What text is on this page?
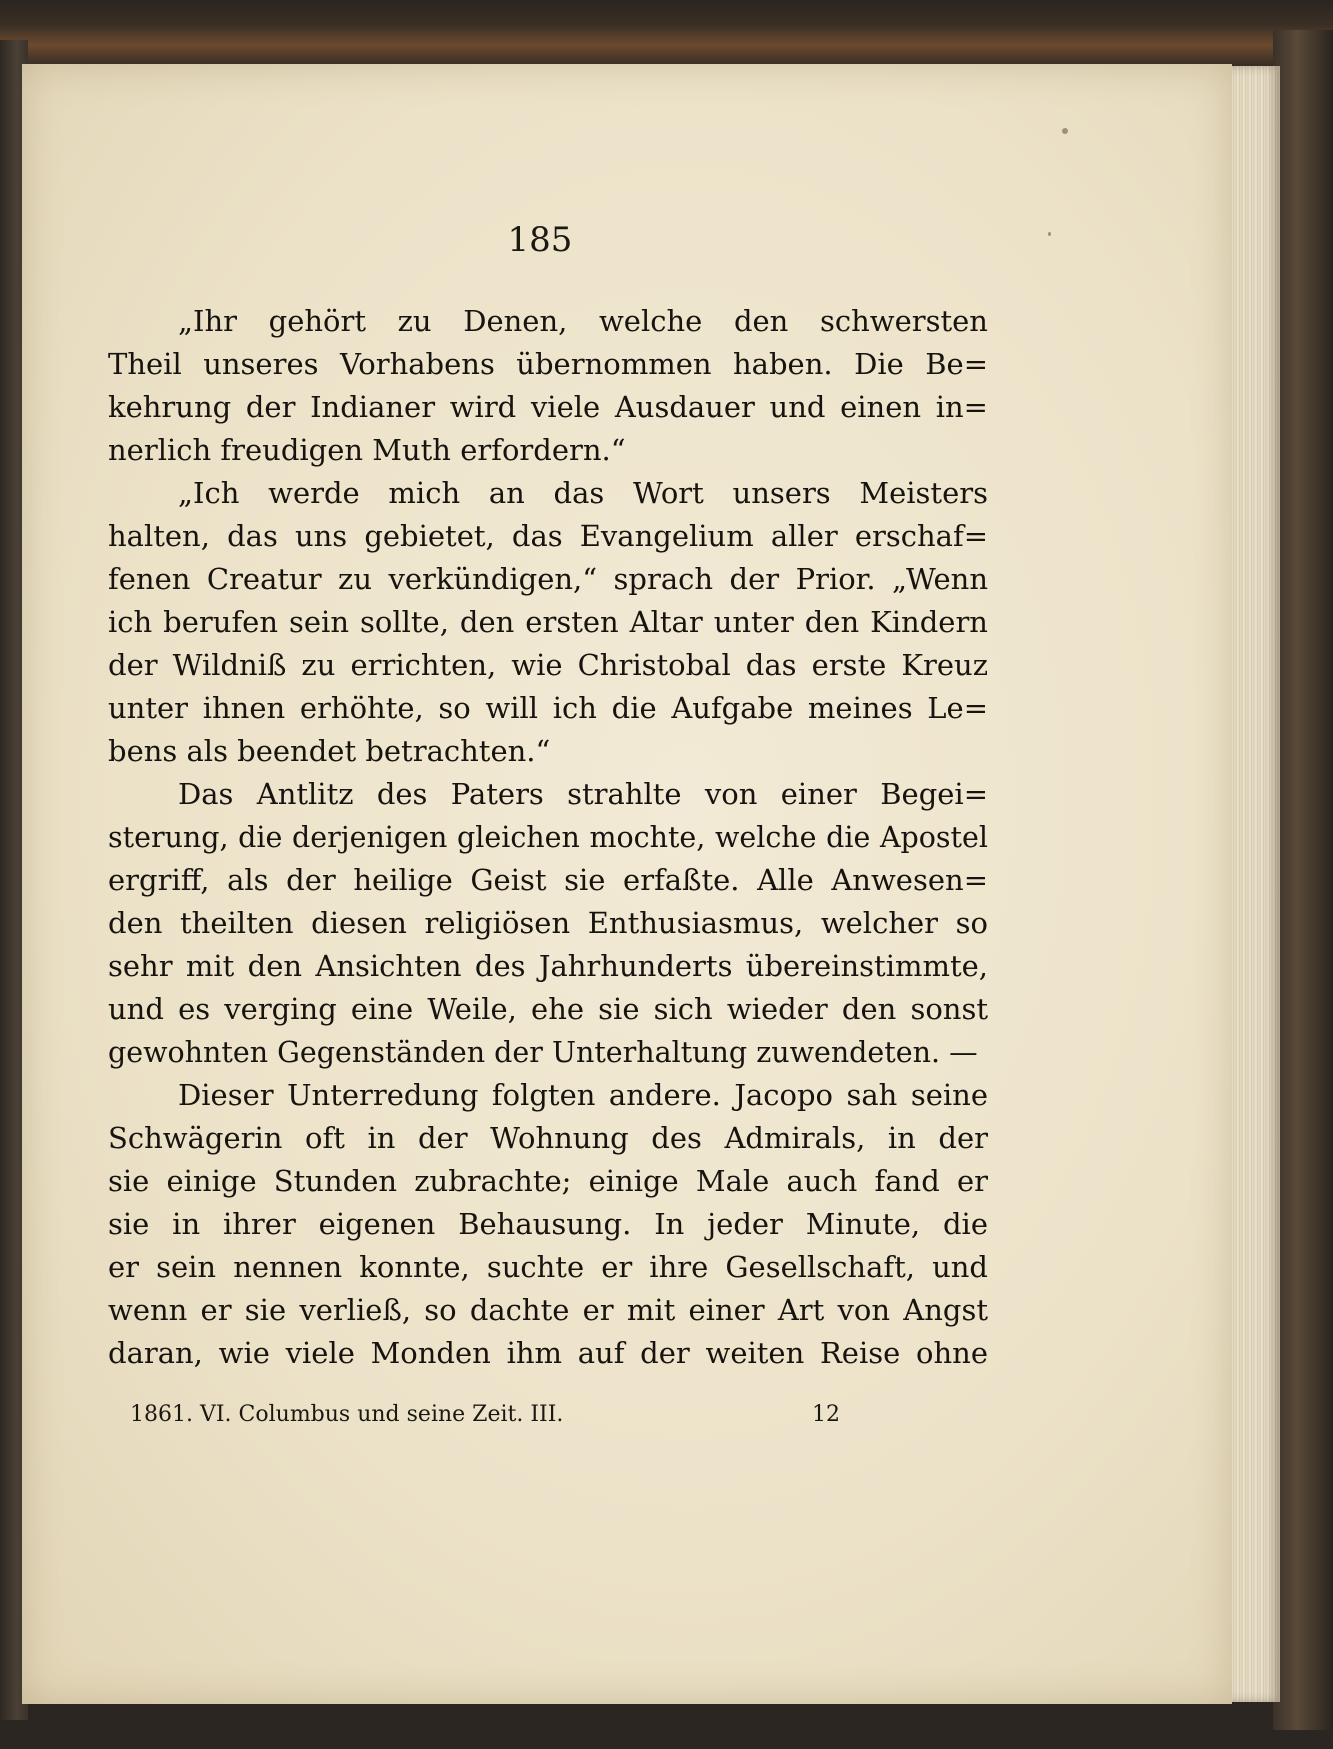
185
„Ihr gehört zu Denen, welche den schwersten
Theil unseres Vorhabens übernommen haben. Die Be=
kehrung der Indianer wird viele Ausdauer und einen in=
nerlich freudigen Muth erfordern.“
„Ich werde mich an das Wort unsers Meisters
halten, das uns gebietet, das Evangelium aller erschaf=
fenen Creatur zu verkündigen,“ sprach der Prior. „Wenn
ich berufen sein sollte, den ersten Altar unter den Kindern
der Wildniß zu errichten, wie Christobal das erste Kreuz
unter ihnen erhöhte, so will ich die Aufgabe meines Le=
bens als beendet betrachten.“
Das Antlitz des Paters strahlte von einer Begei=
sterung, die derjenigen gleichen mochte, welche die Apostel
ergriff, als der heilige Geist sie erfaßte. Alle Anwesen=
den theilten diesen religiösen Enthusiasmus, welcher so
sehr mit den Ansichten des Jahrhunderts übereinstimmte,
und es verging eine Weile, ehe sie sich wieder den sonst
gewohnten Gegenständen der Unterhaltung zuwendeten. —
Dieser Unterredung folgten andere. Jacopo sah seine
Schwägerin oft in der Wohnung des Admirals, in der
sie einige Stunden zubrachte; einige Male auch fand er
sie in ihrer eigenen Behausung. In jeder Minute, die
er sein nennen konnte, suchte er ihre Gesellschaft, und
wenn er sie verließ, so dachte er mit einer Art von Angst
daran, wie viele Monden ihm auf der weiten Reise ohne
1861. VI. Columbus und seine Zeit. III.	12
